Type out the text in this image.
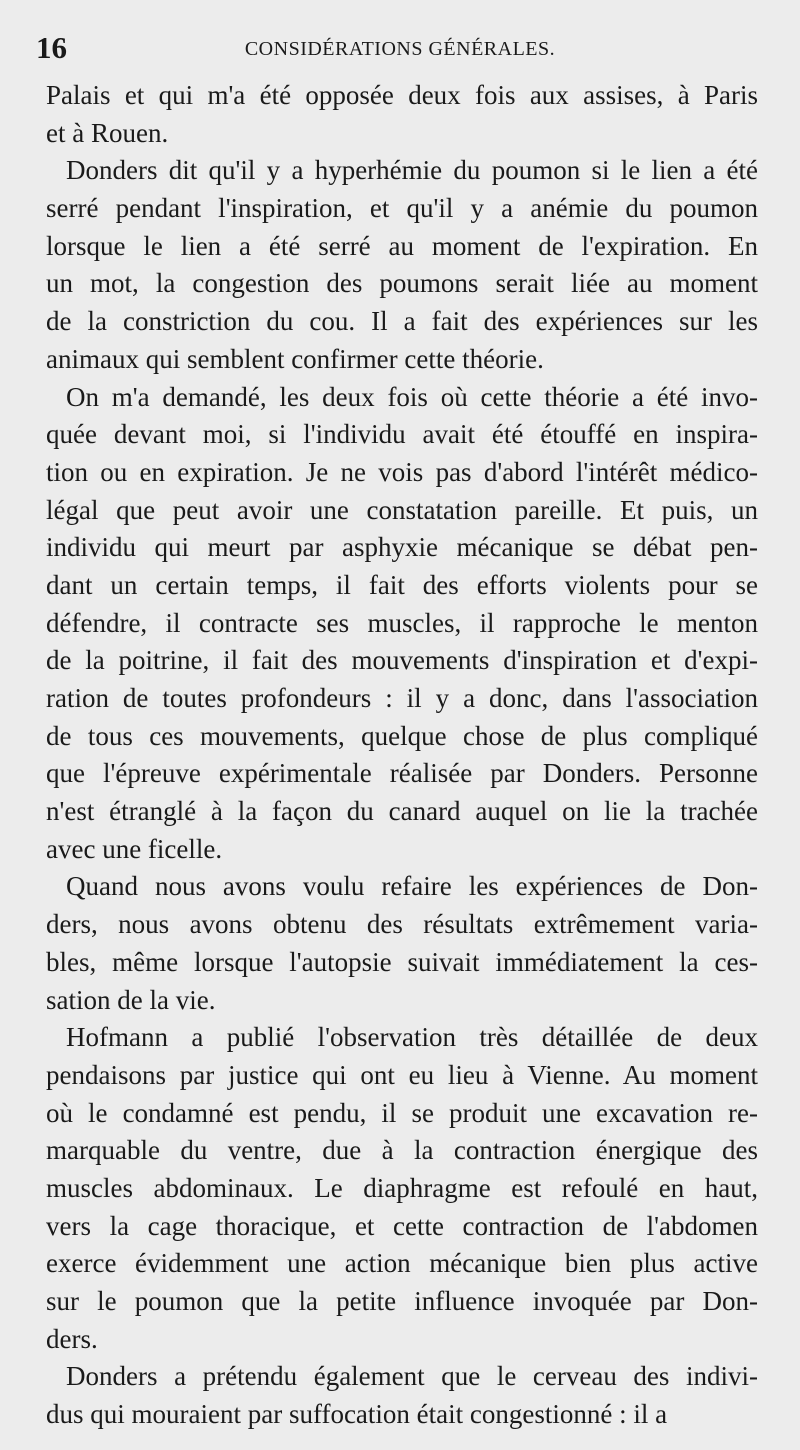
16	CONSIDÉRATIONS GÉNÉRALES.
Palais et qui m'a été opposée deux fois aux assises, à Paris
et à Rouen.
Donders dit qu'il y a hyperhémie du poumon si le lien a été
serré pendant l'inspiration, et qu'il y a anémie du poumon
lorsque le lien a été serré au moment de l'expiration. En
un mot, la congestion des poumons serait liée au moment
de la constriction du cou. Il a fait des expériences sur les
animaux qui semblent confirmer cette théorie.
On m'a demandé, les deux fois où cette théorie a été invo-
quée devant moi, si l'individu avait été étouffé en inspira-
tion ou en expiration. Je ne vois pas d'abord l'intérêt médico-
légal que peut avoir une constatation pareille. Et puis, un
individu qui meurt par asphyxie mécanique se débat pen-
dant un certain temps, il fait des efforts violents pour se
défendre, il contracte ses muscles, il rapproche le menton
de la poitrine, il fait des mouvements d'inspiration et d'expi-
ration de toutes profondeurs : il y a donc, dans l'association
de tous ces mouvements, quelque chose de plus compliqué
que l'épreuve expérimentale réalisée par Donders. Personne
n'est étranglé à la façon du canard auquel on lie la trachée
avec une ficelle.
Quand nous avons voulu refaire les expériences de Don-
ders, nous avons obtenu des résultats extrêmement varia-
bles, même lorsque l'autopsie suivait immédiatement la ces-
sation de la vie.
Hofmann a publié l'observation très détaillée de deux
pendaisons par justice qui ont eu lieu à Vienne. Au moment
où le condamné est pendu, il se produit une excavation re-
marquable du ventre, due à la contraction énergique des
muscles abdominaux. Le diaphragme est refoulé en haut,
vers la cage thoracique, et cette contraction de l'abdomen
exerce évidemment une action mécanique bien plus active
sur le poumon que la petite influence invoquée par Don-
ders.
Donders a prétendu également que le cerveau des indivi-
dus qui mouraient par suffocation était congestionné : il a
